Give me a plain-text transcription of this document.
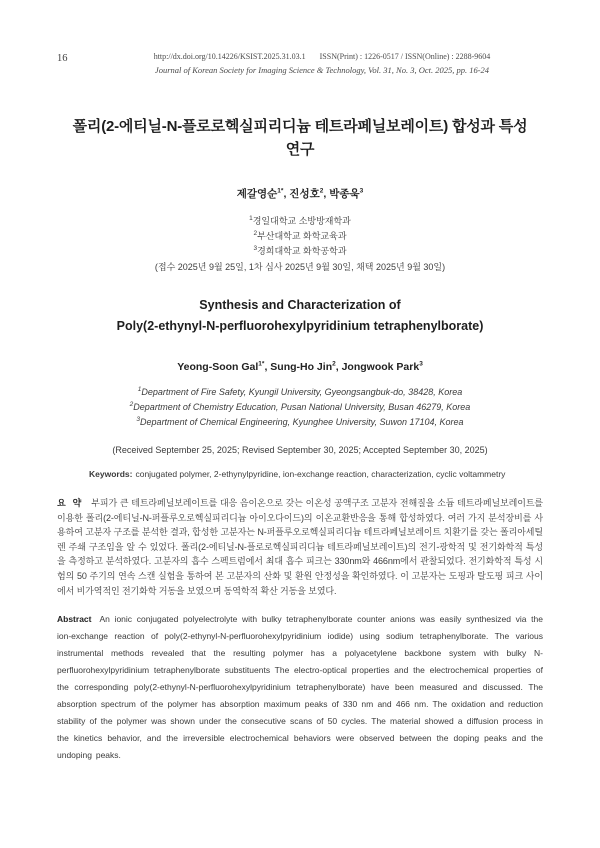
16	http://dx.doi.org/10.14226/KSIST.2025.31.03.1 ISSN(Print) : 1226-0517 / ISSN(Online) : 2288-9604
Journal of Korean Society for Imaging Science & Technology, Vol. 31, No. 3, Oct. 2025, pp. 16-24
폴리(2-에티닐-N-플로로헥실피리디늄 테트라페닐보레이트) 합성과 특성 연구
제갈영순$^{1*}$, 진성호$^2$, 박종욱$^3$
$^1$경일대학교 소방방재학과
$^2$부산대학교 화학교육과
$^3$경희대학교 화학공학과
(접수 2025년 9월 25일, 1차 심사 2025년 9월 30일, 채택 2025년 9월 30일)
Synthesis and Characterization of
Poly(2-ethynyl-N-perfluorohexylpyridinium tetraphenylborate)
Yeong-Soon Gal$^{1*}$, Sung-Ho Jin$^2$, Jongwook Park$^3$
$^1$Department of Fire Safety, Kyungil University, Gyeongsangbuk-do, 38428, Korea
$^2$Department of Chemistry Education, Pusan National University, Busan 46279, Korea
$^3$Department of Chemical Engineering, Kyunghee University, Suwon 17104, Korea
(Received September 25, 2025; Revised September 30, 2025; Accepted September 30, 2025)
Keywords: conjugated polymer, 2-ethynylpyridine, ion-exchange reaction, characterization, cyclic voltammetry

요 약 부피가 큰 테트라페닐보레이트를 대응 음이온으로 갖는 이온성 공액구조 고분자 전해질을 소듐 테트라페닐보레이트를 이용한 폴리(2-에티닐-N-퍼플루오로헥실피리디늄 아이오다이드)의 이온교환반응을 통해 합성하였다. 여러 가지 분석장비를 사용하여 고분자 구조를 분석한 결과, 합성한 고분자는 N-퍼플루오로헥실피리디늄 테트라페닐보레이트 치환기를 갖는 폴리아세틸렌 주쇄 구조임을 알 수 있었다. 폴리(2-에티닐-N-플로로헥실피리디늄 테트라페닐보레이트)의 전기-광학적 및 전기화학적 특성을 측정하고 분석하였다. 고분자의 흡수 스펙트럼에서 최대 흡수 피크는 330nm와 466nm에서 관찰되었다. 전기화학적 특성 시험의 50 주기의 연속 스캔 실험을 통하여 본 고분자의 산화 및 환원 안정성을 확인하였다. 이 고분자는 도핑과 탈도핑 피크 사이에서 비가역적인 전기화학 거동을 보였으며 동역학적 확산 거동을 보였다.

Abstract An ionic conjugated polyelectrolyte with bulky tetraphenylborate counter anions was easily synthesized via the ion-exchange reaction of poly(2-ethynyl-N-perfluorohexylpyridinium iodide) using sodium tetraphenylborate. The various instrumental methods revealed that the resulting polymer has a polyacetylene backbone system with bulky N-perfluorohexylpyridinium tetraphenylborate substituents The electro-optical properties and the electrochemical properties of the corresponding poly(2-ethynyl-N-perfluorohexylpyridinium tetraphenylborate) have been measured and discussed. The absorption spectrum of the polymer has absorption maximum peaks of 330 nm and 466 nm. The oxidation and reduction stability of the polymer was shown under the consecutive scans of 50 cycles. The material showed a diffusion process in the kinetics behavior, and the irreversible electrochemical behaviors were observed between the doping peaks and the undoping peaks.
